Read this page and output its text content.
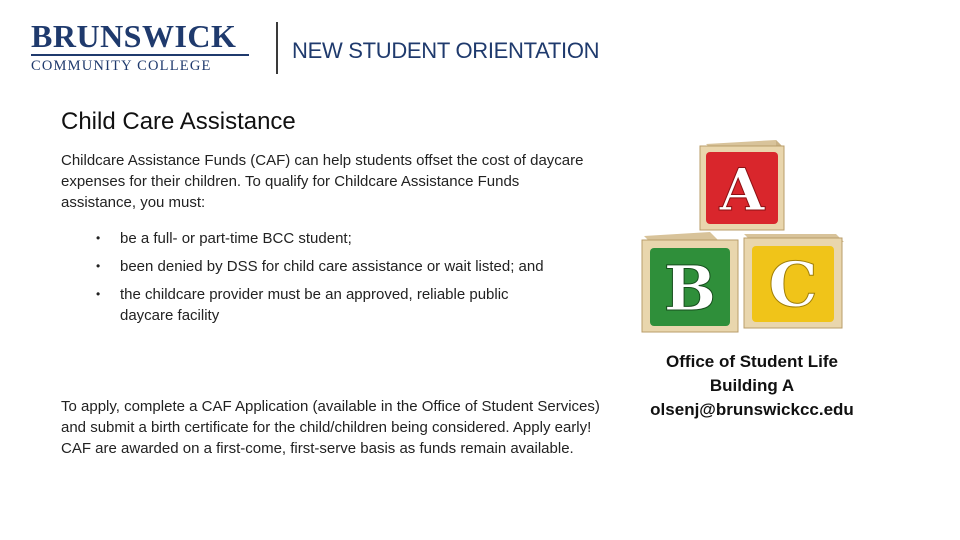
BRUNSWICK
COMMUNITY COLLEGE
NEW STUDENT ORIENTATION
Child Care Assistance

Childcare Assistance Funds (CAF) can help students offset the cost of daycare expenses for their children. To qualify for Childcare Assistance Funds assistance, you must:

• be a full- or part-time BCC student;
• been denied by DSS for child care assistance or wait listed; and
• the childcare provider must be an approved, reliable public daycare facility

To apply, complete a CAF Application (available in the Office of Student Services) and submit a birth certificate for the child/children being considered. Apply early! CAF are awarded on a first-come, first-serve basis as funds remain available.

A
B C
Office of Student Life
Building A
olsenj@brunswickcc.edu
